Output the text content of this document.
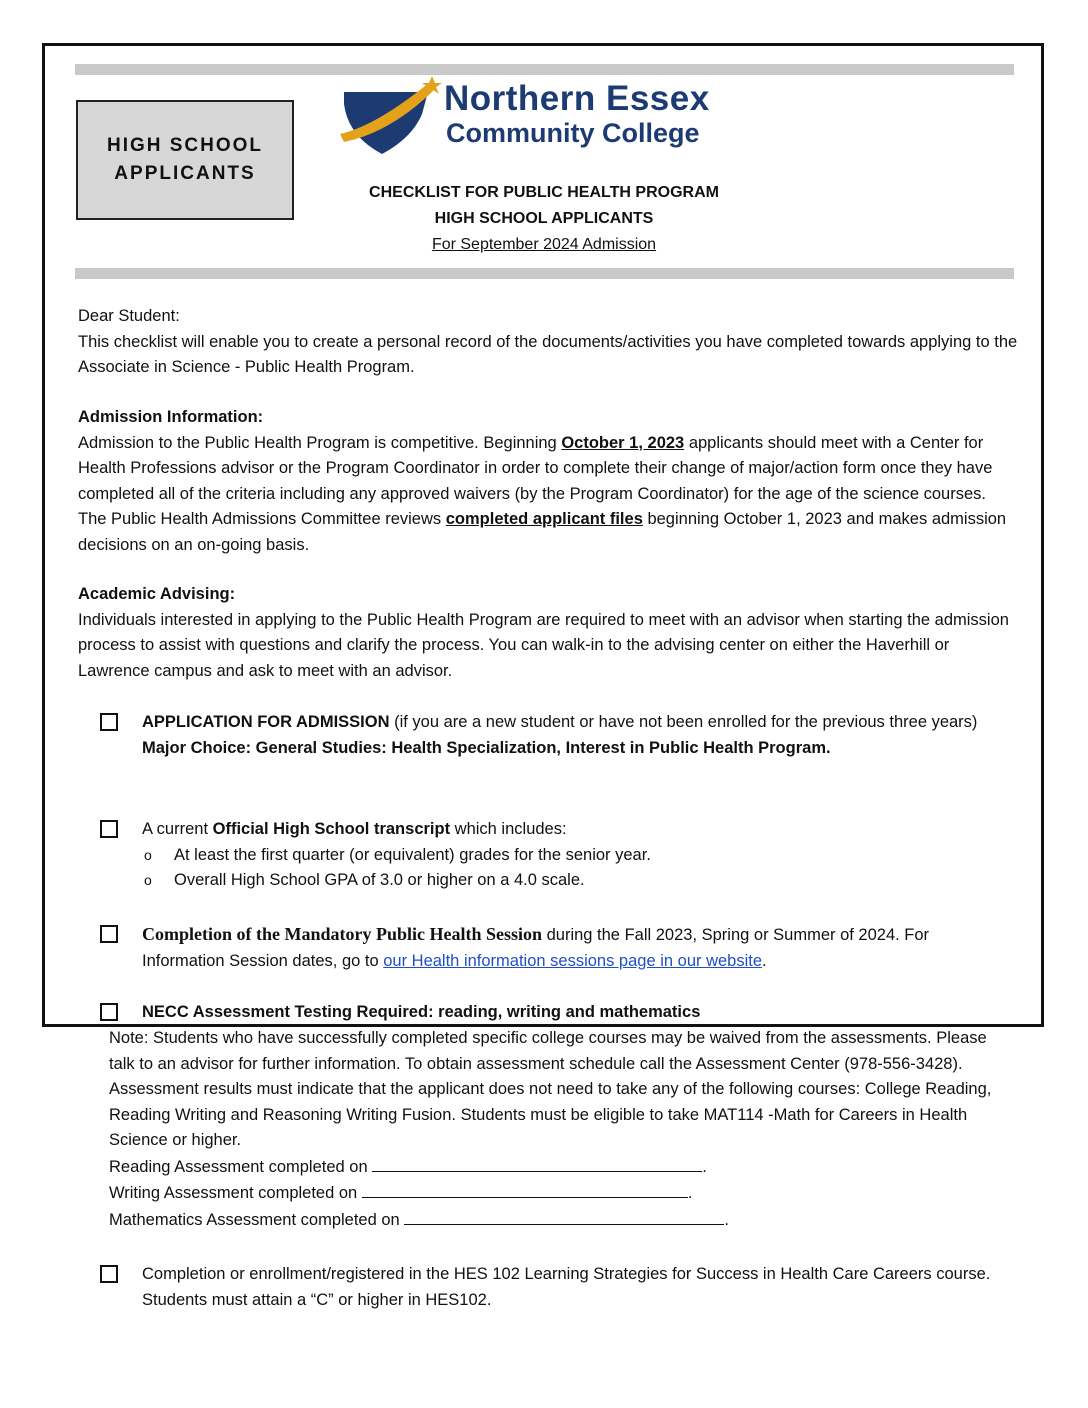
HIGH SCHOOL
APPLICANTS
Northern Essex
Community College
CHECKLIST FOR PUBLIC HEALTH PROGRAM
HIGH SCHOOL APPLICANTS
For September 2024 Admission
Dear Student:
This checklist will enable you to create a personal record of the documents/activities you have completed towards applying to the Associate in Science - Public Health Program.
Admission Information:
Admission to the Public Health Program is competitive. Beginning October 1, 2023 applicants should meet with a Center for Health Professions advisor or the Program Coordinator in order to complete their change of major/action form once they have completed all of the criteria including any approved waivers (by the Program Coordinator) for the age of the science courses. The Public Health Admissions Committee reviews completed applicant files beginning October 1, 2023 and makes admission decisions on an on-going basis.
Academic Advising:
Individuals interested in applying to the Public Health Program are required to meet with an advisor when starting the admission process to assist with questions and clarify the process. You can walk-in to the advising center on either the Haverhill or Lawrence campus and ask to meet with an advisor.
APPLICATION FOR ADMISSION (if you are a new student or have not been enrolled for the previous three years) Major Choice: General Studies: Health Specialization, Interest in Public Health Program.
A current Official High School transcript which includes:
o At least the first quarter (or equivalent) grades for the senior year.
o Overall High School GPA of 3.0 or higher on a 4.0 scale.
Completion of the Mandatory Public Health Session during the Fall 2023, Spring or Summer of 2024. For Information Session dates, go to our Health information sessions page in our website.
NECC Assessment Testing Required: reading, writing and mathematics
Note: Students who have successfully completed specific college courses may be waived from the assessments. Please talk to an advisor for further information. To obtain assessment schedule call the Assessment Center (978-556-3428). Assessment results must indicate that the applicant does not need to take any of the following courses: College Reading, Reading Writing and Reasoning Writing Fusion. Students must be eligible to take MAT114 -Math for Careers in Health Science or higher.
Reading Assessment completed on	.
Writing Assessment completed on	.
Mathematics Assessment completed on	.
Completion or enrollment/registered in the HES 102 Learning Strategies for Success in Health Care Careers course. Students must attain a “C” or higher in HES102.
